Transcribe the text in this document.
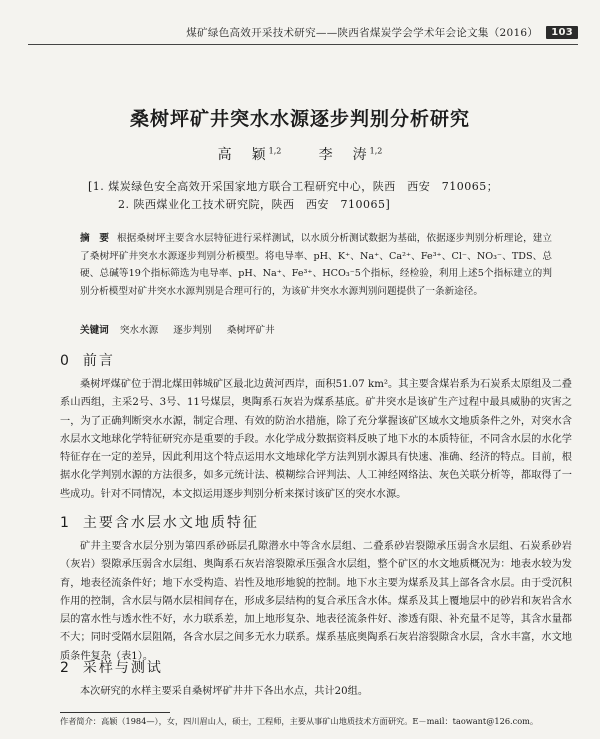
煤矿绿色高效开采技术研究——陕西省煤炭学会学术年会论文集（2016）	103
桑树坪矿井突水水源逐步判别分析研究
高　颖$^{1,2}$	李　涛$^{1,2}$
[1. 煤炭绿色安全高效开采国家地方联合工程研究中心，陕西　西安　710065；
2. 陕西煤业化工技术研究院，陕西　西安　710065]
摘　要 根据桑树坪主要含水层特征进行采样测试，以水质分析测试数据为基础，依据逐步判别分析理论，建立了桑树坪矿井突水水源逐步判别分析模型。将电导率、pH、K⁺、Na⁺、Ca²⁺、Fe³⁺、Cl⁻、NO₃⁻、TDS、总硬、总碱等19个指标筛选为电导率、pH、Na⁺、Fe³⁺、HCO₃⁻5个指标，经检验，利用上述5个指标建立的判别分析模型对矿井突水水源判别是合理可行的，为该矿井突水水源判别问题提供了一条新途径。
关键词 突水水源 逐步判别 桑树坪矿井
0 前言
桑树坪煤矿位于渭北煤田韩城矿区最北边黄河西岸，面积51.07 km²。其主要含煤岩系为石炭系太原组及二叠系山西组，主采2号、3号、11号煤层，奥陶系石灰岩为煤系基底。矿井突水是该矿生产过程中最具威胁的灾害之一，为了正确判断突水水源，制定合理、有效的防治水措施，除了充分掌握该矿区域水文地质条件之外，对突水含水层水文地球化学特征研究亦是重要的手段。水化学成分数据资料反映了地下水的本质特征，不同含水层的水化学特征存在一定的差异，因此利用这个特点运用水文地球化学方法判别水源具有快速、准确、经济的特点。目前，根据水化学判别水源的方法很多，如多元统计法、模糊综合评判法、人工神经网络法、灰色关联分析等，都取得了一些成功。针对不同情况，本文拟运用逐步判别分析来探讨该矿区的突水水源。
1 主要含水层水文地质特征
矿井主要含水层分别为第四系砂砾层孔隙潜水中等含水层组、二叠系砂岩裂隙承压弱含水层组、石炭系砂岩（灰岩）裂隙承压弱含水层组、奥陶系石灰岩溶裂隙承压强含水层组，整个矿区的水文地质概况为：地表水较为发育，地表径流条件好；地下水受构造、岩性及地形地貌的控制。地下水主要为煤系及其上部各含水层。由于受沉积作用的控制，含水层与隔水层相间存在，形成多层结构的复合承压含水体。煤系及其上覆地层中的砂岩和灰岩含水层的富水性与透水性不好，水力联系差，加上地形复杂、地表径流条件好、渗透有限、补充量不足等，其含水量都不大；同时受隔水层阻隔，各含水层之间多无水力联系。煤系基底奥陶系石灰岩溶裂隙含水层，含水丰富，水文地质条件复杂（表1）。
2 采样与测试
本次研究的水样主要采自桑树坪矿井井下各出水点，共计20组。
作者简介：高颖（1984—），女，四川眉山人，硕士，工程师，主要从事矿山地质技术方面研究。E－mail：taowant@126.com。
